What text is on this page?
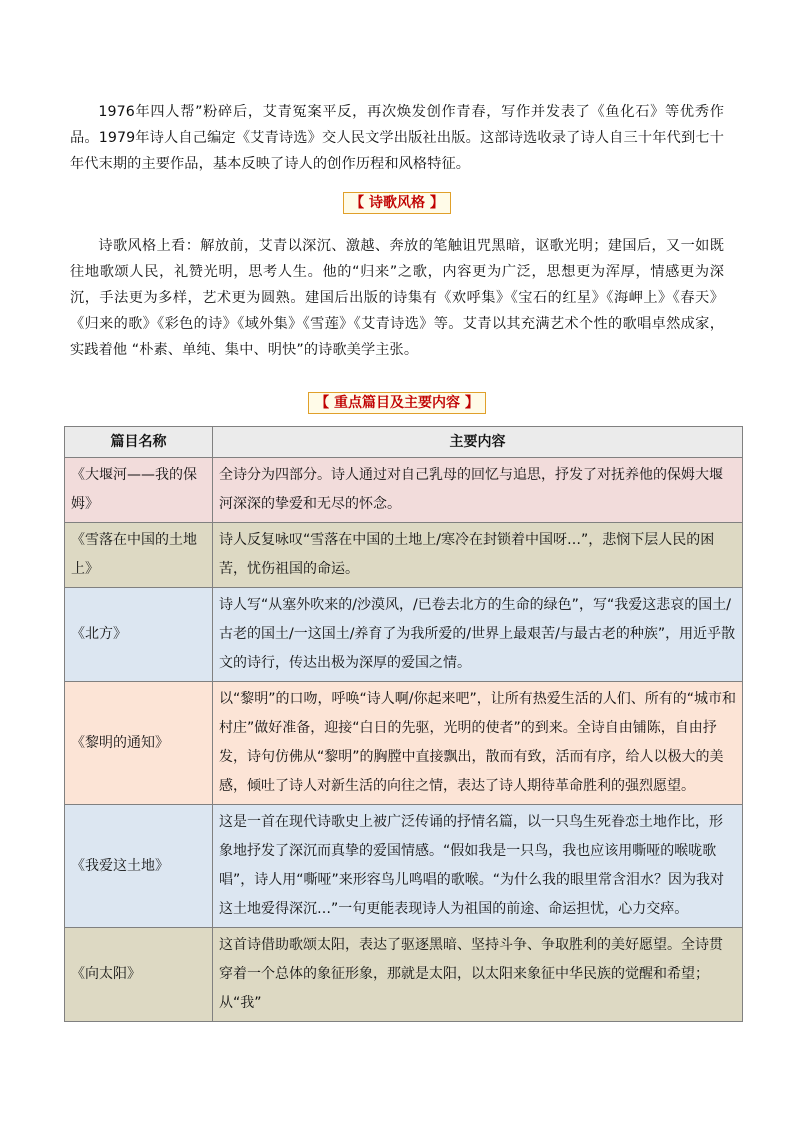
1976年四人帮”粉碎后，艾青冤案平反，再次焕发创作青春，写作并发表了《鱼化石》等优秀作品。1979年诗人自己编定《艾青诗选》交人民文学出版社出版。这部诗选收录了诗人自三十年代到七十年代末期的主要作品，基本反映了诗人的创作历程和风格特征。

【 诗歌风格 】

诗歌风格上看：解放前，艾青以深沉、激越、奔放的笔触诅咒黑暗，讴歌光明；建国后，又一如既往地歌颂人民，礼赞光明，思考人生。他的“归来”之歌，内容更为广泛，思想更为浑厚，情感更为深沉，手法更为多样，艺术更为圆熟。建国后出版的诗集有《欢呼集》《宝石的红星》《海岬上》《春天》《归来的歌》《彩色的诗》《域外集》《雪莲》《艾青诗选》等。艾青以其充满艺术个性的歌唱卓然成家，实践着他 “朴素、单纯、集中、明快”的诗歌美学主张。

【 重点篇目及主要内容 】
篇目名称	主要内容
《大堰河——我的保姆》	全诗分为四部分。诗人通过对自己乳母的回忆与追思，抒发了对抚养他的保姆大堰河深深的挚爱和无尽的怀念。
《雪落在中国的土地上》	诗人反复咏叹“雪落在中国的土地上/寒冷在封锁着中国呀…”，悲悯下层人民的困苦，忧伤祖国的命运。
《北方》	诗人写“从塞外吹来的/沙漠风，/已卷去北方的生命的绿色”，写“我爱这悲哀的国土/古老的国土/一这国土/养育了为我所爱的/世界上最艰苦/与最古老的种族”，用近乎散文的诗行，传达出极为深厚的爱国之情。
《黎明的通知》	以“黎明”的口吻，呼唤“诗人啊/你起来吧”，让所有热爱生活的人们、所有的“城市和村庄”做好准备，迎接“白日的先驱，光明的使者”的到来。全诗自由铺陈，自由抒发，诗句仿佛从“黎明”的胸膛中直接飘出，散而有致，活而有序，给人以极大的美感，倾吐了诗人对新生活的向往之情，表达了诗人期待革命胜利的强烈愿望。
《我爱这土地》	这是一首在现代诗歌史上被广泛传诵的抒情名篇，以一只鸟生死眷恋土地作比，形象地抒发了深沉而真挚的爱国情感。“假如我是一只鸟，我也应该用嘶哑的喉咙歌唱”，诗人用“嘶哑”来形容鸟儿鸣唱的歌喉。“为什么我的眼里常含泪水？因为我对这土地爱得深沉…”一句更能表现诗人为祖国的前途、命运担忧，心力交瘁。
《向太阳》	这首诗借助歌颂太阳，表达了驱逐黑暗、坚持斗争、争取胜利的美好愿望。全诗贯穿着一个总体的象征形象，那就是太阳，以太阳来象征中华民族的觉醒和希望；从“我”
